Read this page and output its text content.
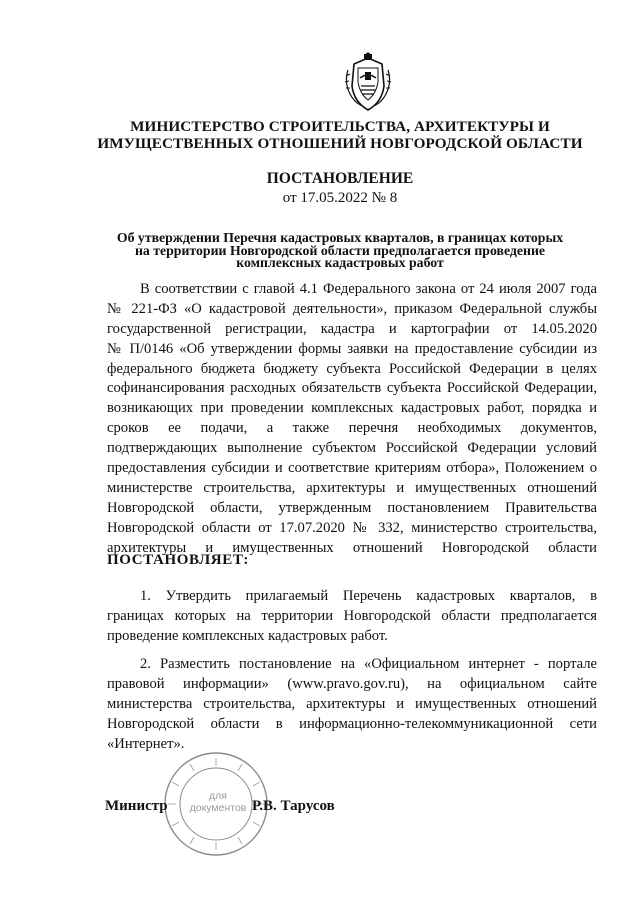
МИНИСТЕРСТВО СТРОИТЕЛЬСТВА, АРХИТЕКТУРЫ И
ИМУЩЕСТВЕННЫХ ОТНОШЕНИЙ НОВГОРОДСКОЙ ОБЛАСТИ
ПОСТАНОВЛЕНИЕ
от 17.05.2022 № 8
Об утверждении Перечня кадастровых кварталов, в границах которых
на территории Новгородской области предполагается проведение
комплексных кадастровых работ
В соответствии с главой 4.1 Федерального закона от 24 июля 2007 года
№ 221-ФЗ «О кадастровой деятельности», приказом Федеральной службы
государственной регистрации, кадастра и картографии от 14.05.2020
№ П/0146 «Об утверждении формы заявки на предоставление субсидии из
федерального бюджета бюджету субъекта Российской Федерации в целях
софинансирования расходных обязательств субъекта Российской Федерации,
возникающих при проведении комплексных кадастровых работ, порядка и
сроков ее подачи, а также перечня необходимых документов,
подтверждающих выполнение субъектом Российской Федерации условий
предоставления субсидии и соответствие критериям отбора», Положением о
министерстве строительства, архитектуры и имущественных отношений
Новгородской области, утвержденным постановлением Правительства
Новгородской области от 17.07.2020 № 332, министерство строительства,
архитектуры и имущественных отношений Новгородской области
ПОСТАНОВЛЯЕТ:
1. Утвердить прилагаемый Перечень кадастровых кварталов, в
границах которых на территории Новгородской области предполагается
проведение комплексных кадастровых работ.
2. Разместить постановление на «Официальном интернет - портале
правовой информации» (www.pravo.gov.ru), на официальном сайте
министерства строительства, архитектуры и имущественных отношений
Новгородской области в информационно-телекоммуникационной сети
«Интернет».
для
документов
Министр	Р.В. Тарусов
